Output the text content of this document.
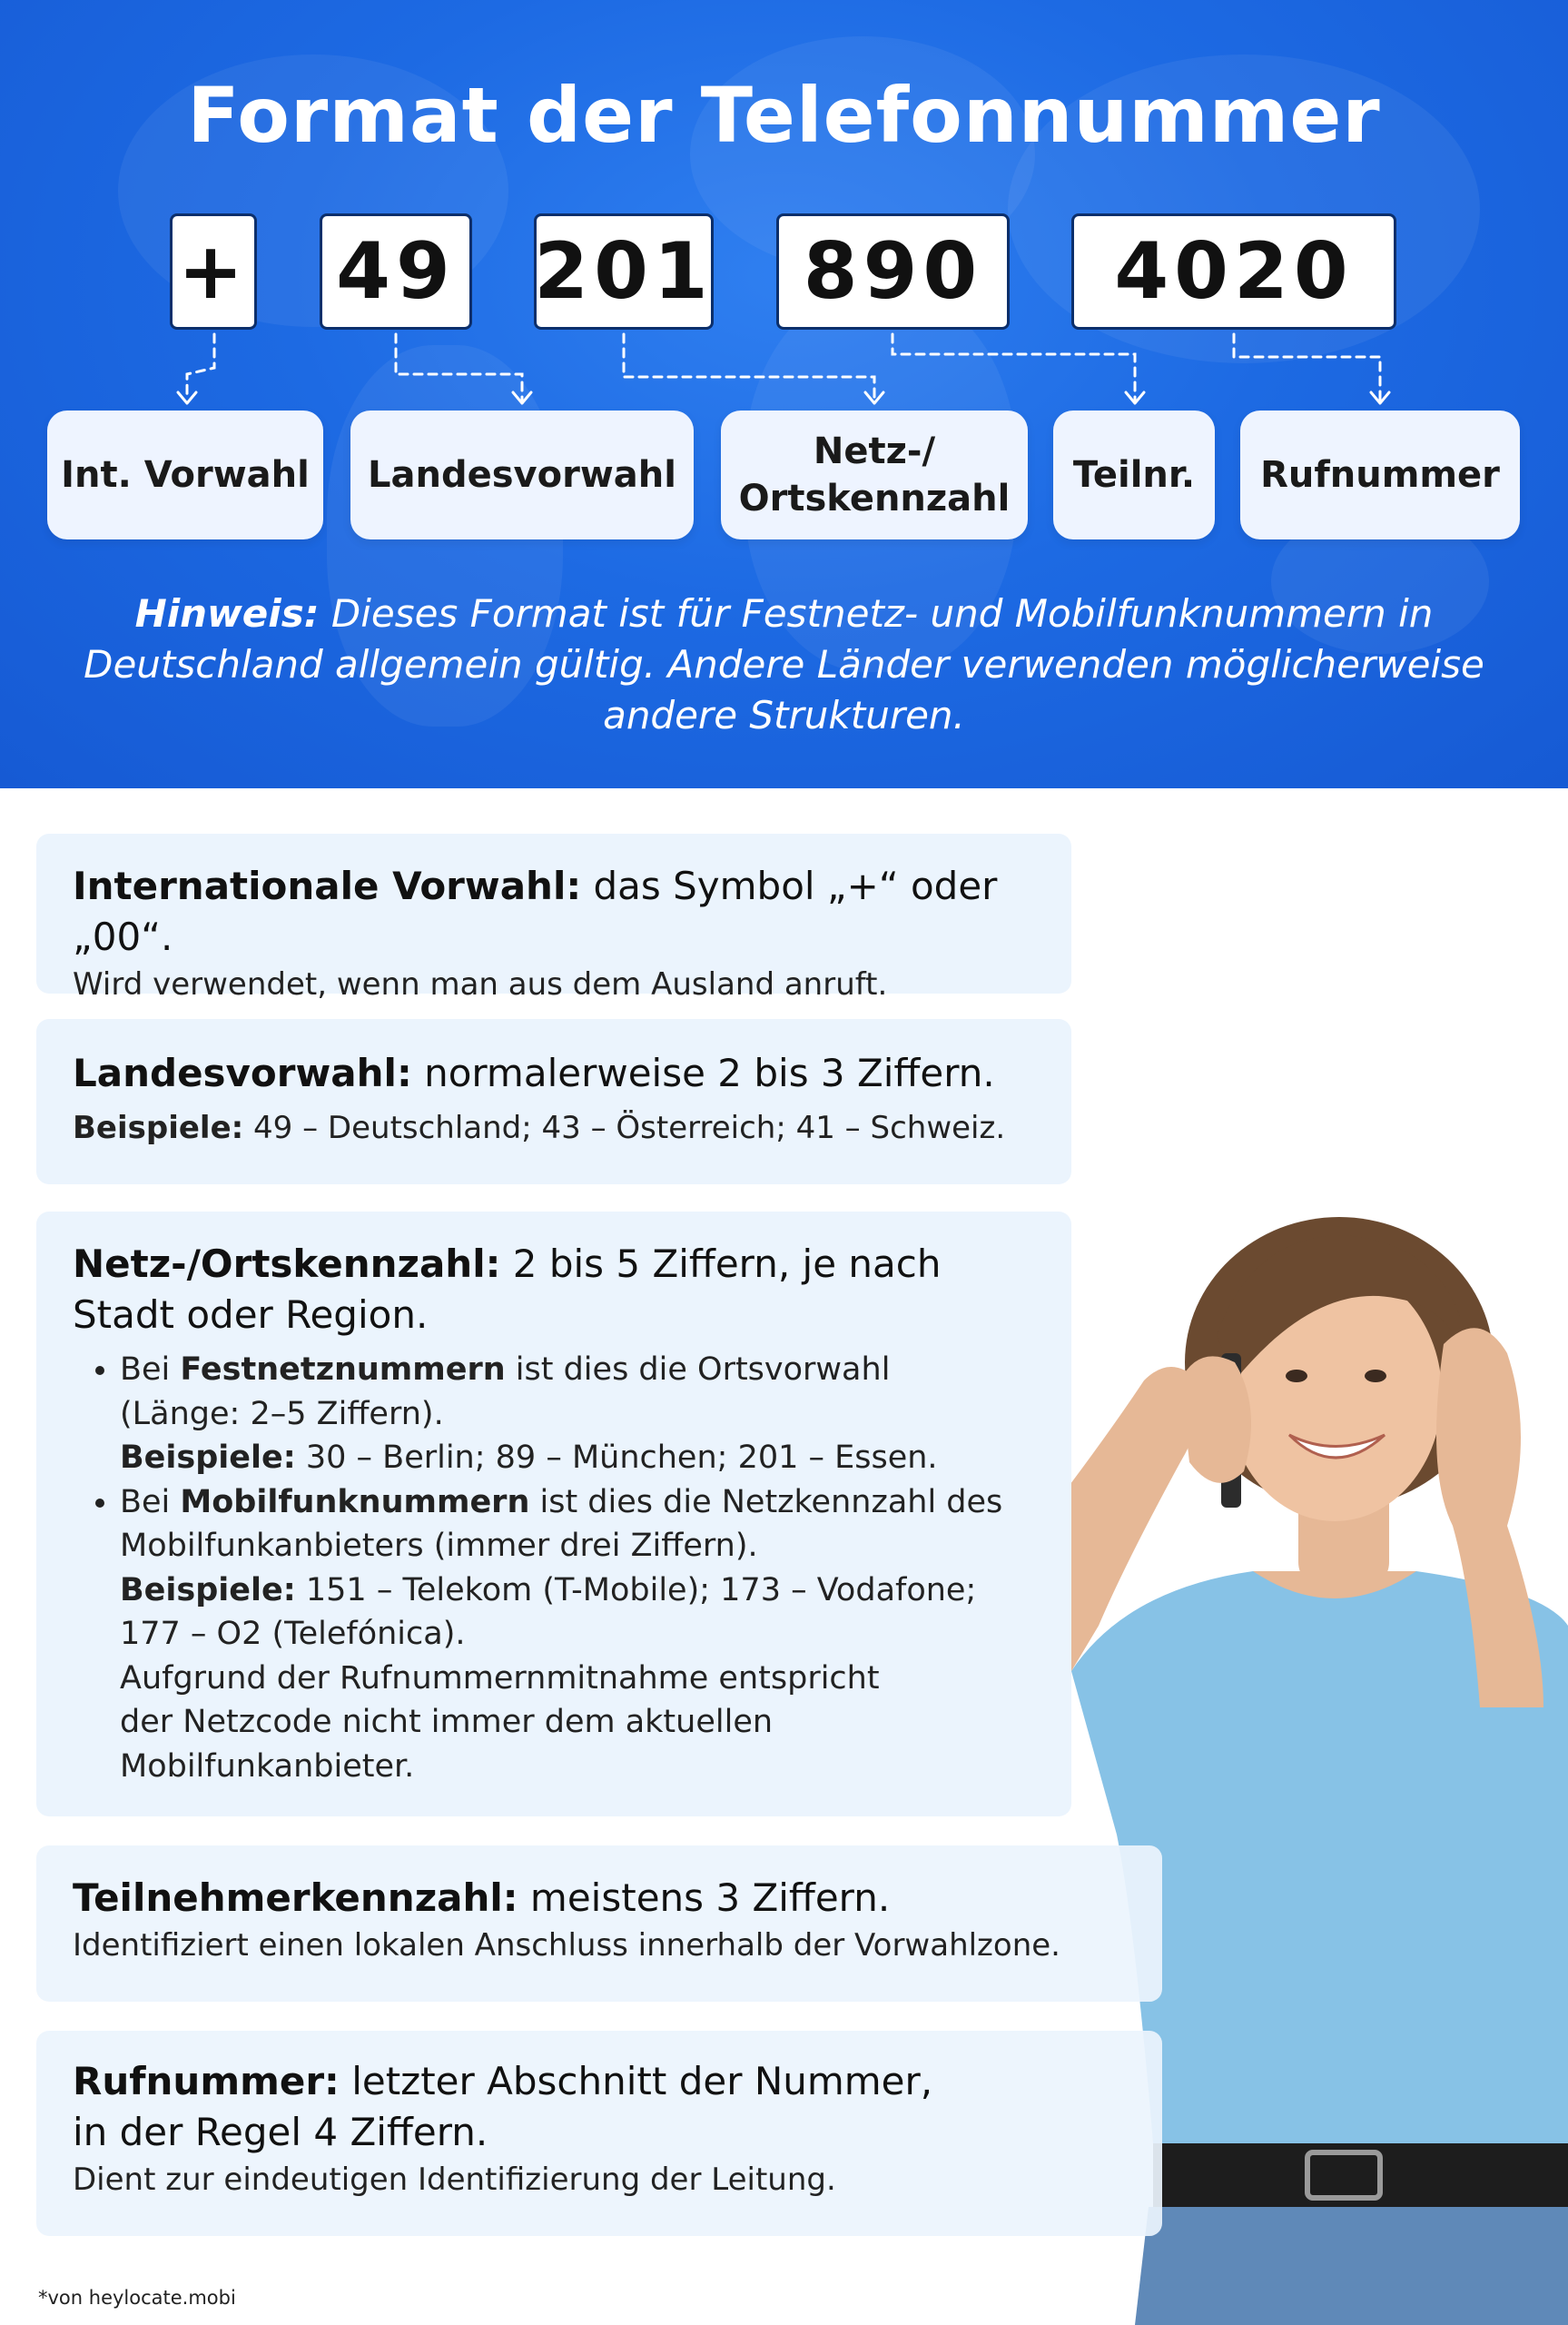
Format der Telefonnummer
+ 49 201	890	4020
Int. Vorwahl	Landesvorwahl
Netz-/
Ortskennzahl
Teilnr.	Rufnummer
Hinweis: Dieses Format ist für Festnetz- und Mobilfunknummern in Deutschland allgemein gültig. Andere Länder verwenden möglicherweise andere Strukturen.
Internationale Vorwahl: das Symbol „+“ oder „00“.
Wird verwendet, wenn man aus dem Ausland anruft.
Landesvorwahl: normalerweise 2 bis 3 Ziffern.
Beispiele: 49 – Deutschland; 43 – Österreich; 41 – Schweiz.
Netz-/Ortskennzahl: 2 bis 5 Ziffern, je nach Stadt oder Region.
• Bei Festnetznummern ist dies die Ortsvorwahl (Länge: 2–5 Ziffern).
Beispiele: 30 – Berlin; 89 – München; 201 – Essen.
• Bei Mobilfunknummern ist dies die Netzkennzahl des Mobilfunkanbieters (immer drei Ziffern).
Beispiele: 151 – Telekom (T-Mobile); 173 – Vodafone; 177 – O2 (Telefónica).
Aufgrund der Rufnummernmitnahme entspricht der Netzcode nicht immer dem aktuellen Mobilfunkanbieter.
Teilnehmerkennzahl: meistens 3 Ziffern.
Identifiziert einen lokalen Anschluss innerhalb der Vorwahlzone.
Rufnummer: letzter Abschnitt der Nummer, in der Regel 4 Ziffern.
Dient zur eindeutigen Identifizierung der Leitung.
*von heylocate.mobi
